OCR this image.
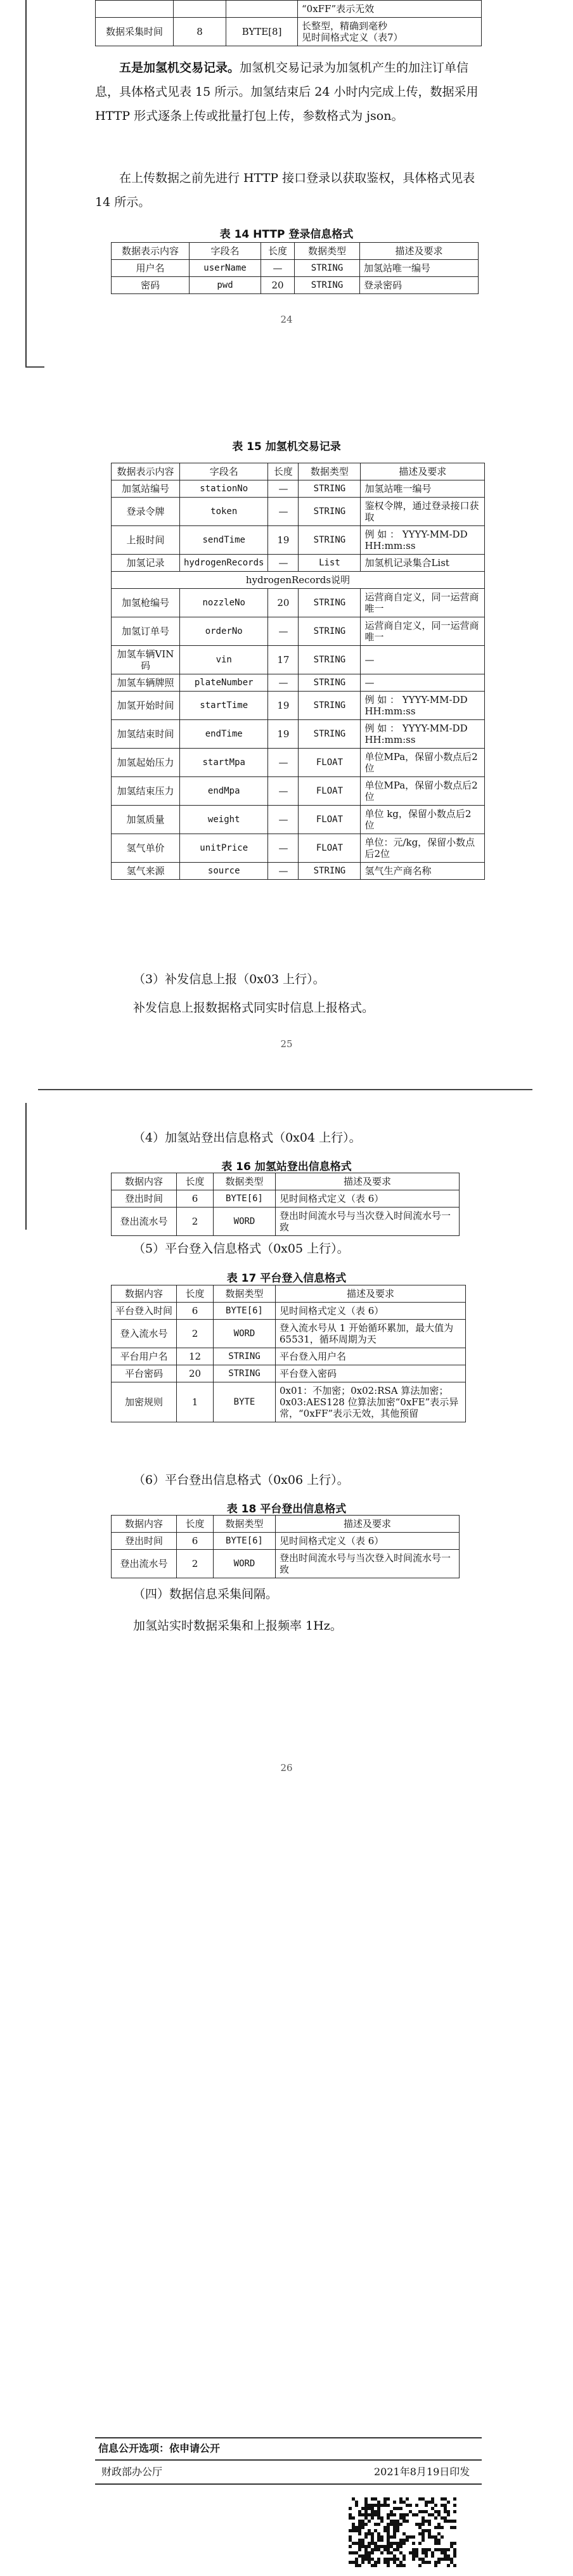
			“0xFF”表示无效
数据采集时间	8	BYTE[8]	长整型，精确到毫秒
见时间格式定义（表7）
五是加氢机交易记录。加氢机交易记录为加氢机产生的加注订单信息，具体格式见表 15 所示。加氢结束后 24 小时内完成上传，数据采用 HTTP 形式逐条上传或批量打包上传，参数格式为 json。
在上传数据之前先进行 HTTP 接口登录以获取鉴权，具体格式见表 14 所示。
表 14 HTTP 登录信息格式
数据表示内容	字段名	长度	数据类型	描述及要求
用户名	userName	—	STRING	加氢站唯一编号
密码	pwd	20	STRING	登录密码
24
表 15 加氢机交易记录
数据表示内容	字段名	长度	数据类型	描述及要求
加氢站编号	stationNo	—	STRING	加氢站唯一编号
登录令牌	token	—	STRING	鉴权令牌，通过登录接口获取
上报时间	sendTime	19	STRING	例 如 ： YYYY-MM-DD HH:mm:ss
加氢记录	hydrogenRecords	—	List	加氢机记录集合List
hydrogenRecords说明				
加氢枪编号	nozzleNo	20	STRING	运营商自定义，同一运营商唯一
加氢订单号	orderNo	—	STRING	运营商自定义，同一运营商唯一
加氢车辆VIN码	vin	17	STRING	—
加氢车辆牌照	plateNumber	—	STRING	—
加氢开始时间	startTime	19	STRING	例 如 ： YYYY-MM-DD HH:mm:ss
加氢结束时间	endTime	19	STRING	例 如 ： YYYY-MM-DD HH:mm:ss
加氢起始压力	startMpa	—	FLOAT	单位MPa，保留小数点后2位
加氢结束压力	endMpa	—	FLOAT	单位MPa，保留小数点后2位
加氢质量	weight	—	FLOAT	单位 kg，保留小数点后2位
氢气单价	unitPrice	—	FLOAT	单位：元/kg，保留小数点后2位
氢气来源	source	—	STRING	氢气生产商名称
（3）补发信息上报（0x03 上行）。
补发信息上报数据格式同实时信息上报格式。
25
（4）加氢站登出信息格式（0x04 上行）。
表 16 加氢站登出信息格式
数据内容	长度	数据类型	描述及要求
登出时间	6	BYTE[6]	见时间格式定义（表 6）
登出流水号	2	WORD	登出时间流水号与当次登入时间流水号一致
（5）平台登入信息格式（0x05 上行）。
表 17 平台登入信息格式
数据内容	长度	数据类型	描述及要求
平台登入时间	6	BYTE[6]	见时间格式定义（表 6）
登入流水号	2	WORD	登入流水号从 1 开始循环累加，最大值为 65531，循环周期为天
平台用户名	12	STRING	平台登入用户名
平台密码	20	STRING	平台登入密码
加密规则	1	BYTE	0x01：不加密；0x02:RSA 算法加密；0x03:AES128 位算法加密“0xFE”表示异常，“0xFF”表示无效，其他预留
（6）平台登出信息格式（0x06 上行）。
表 18 平台登出信息格式
数据内容	长度	数据类型	描述及要求
登出时间	6	BYTE[6]	见时间格式定义（表 6）
登出流水号	2	WORD	登出时间流水号与当次登入时间流水号一致
（四）数据信息采集间隔。
加氢站实时数据采集和上报频率 1Hz。
26
信息公开选项：依申请公开
财政部办公厅	2021年8月19日印发
